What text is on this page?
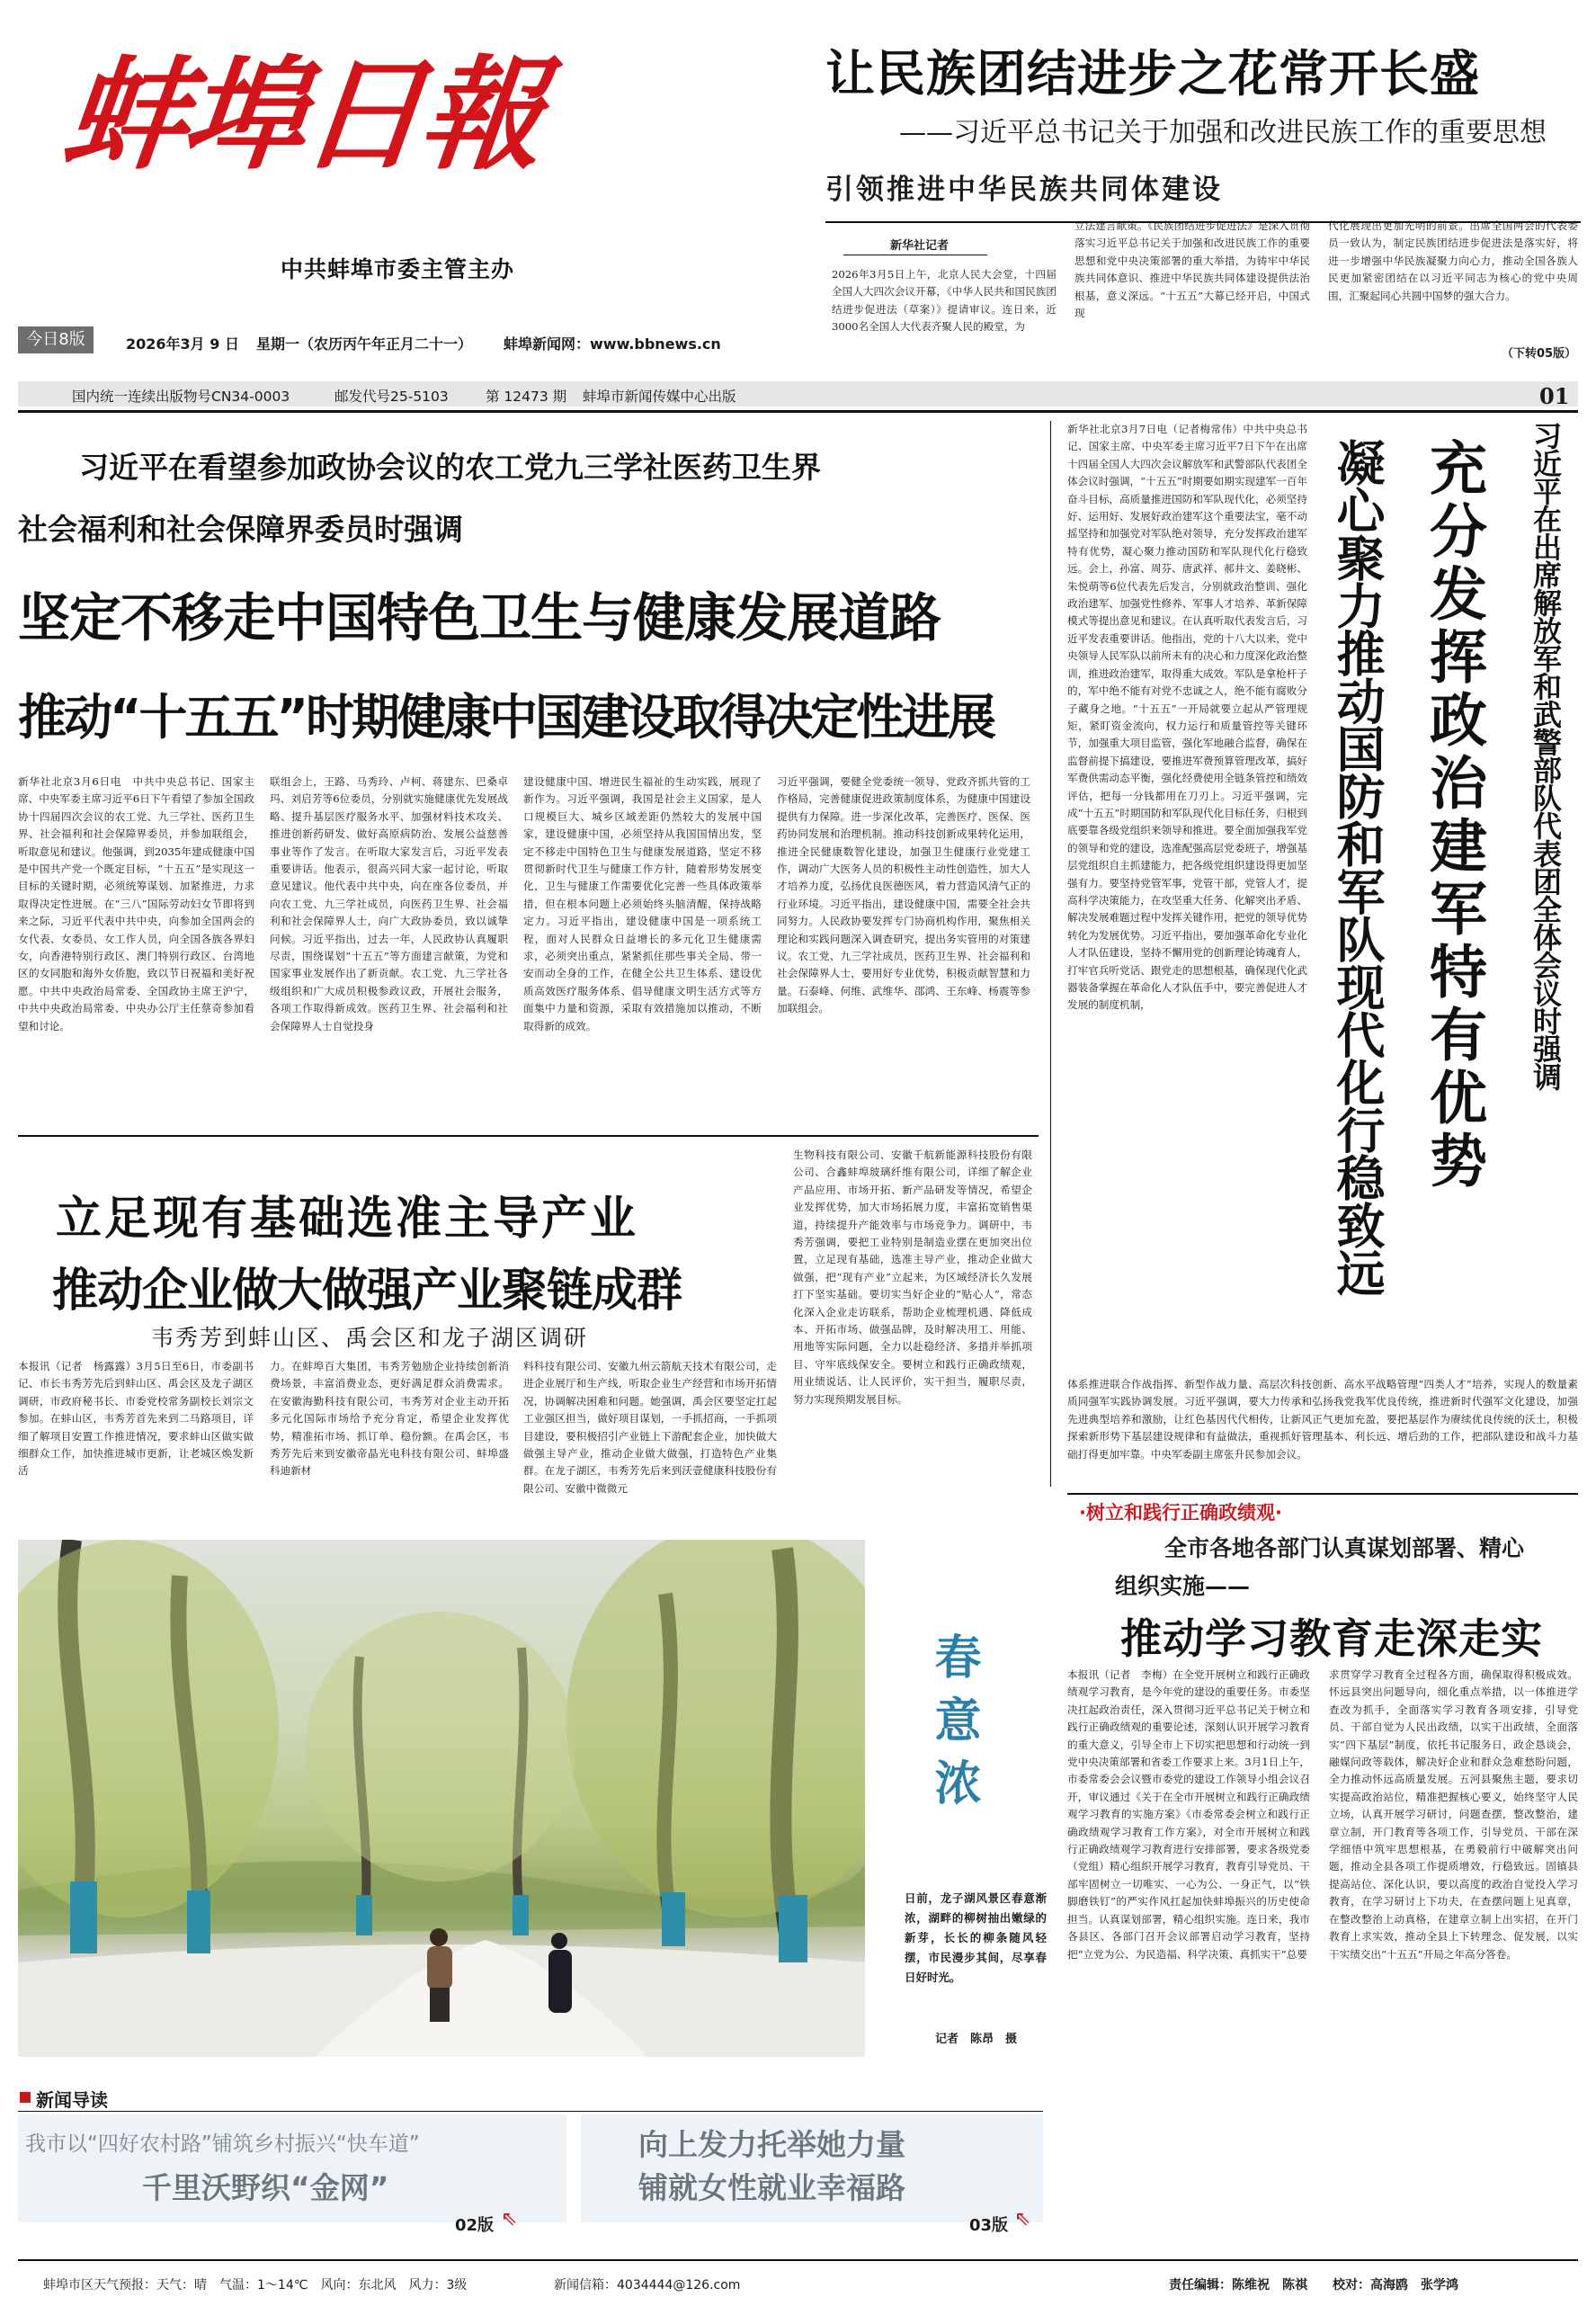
蚌埠日報
中共蚌埠市委主管主办
今日8版	2026年3月 9 日 星期一（农历丙午年正月二十一） 蚌埠新闻网：www.bbnews.cn
国内统一连续出版物号CN34-0003	邮发代号25-5103	第 12473 期 蚌埠市新闻传媒中心出版	01
让民族团结进步之花常开长盛
——习近平总书记关于加强和改进民族工作的重要思想
引领推进中华民族共同体建设
新华社记者
2026年3月5日上午，北京人民大会堂，十四届全国人大四次会议开幕，《中华人民共和国民族团结进步促进法（草案）》提请审议。连日来，近3000名全国人大代表齐聚人民的殿堂，为
立法建言献策。《民族团结进步促进法》是深入贯彻落实习近平总书记关于加强和改进民族工作的重要思想和党中央决策部署的重大举措，为铸牢中华民族共同体意识、推进中华民族共同体建设提供法治根基，意义深远。“十五五”大幕已经开启，中国式现
代化展现出更加光明的前景。出席全国两会的代表委员一致认为，制定民族团结进步促进法是落实好，将进一步增强中华民族凝聚力向心力，推动全国各族人民更加紧密团结在以习近平同志为核心的党中央周围，汇聚起同心共圆中国梦的强大合力。
（下转05版）
习近平在看望参加政协会议的农工党九三学社医药卫生界
社会福利和社会保障界委员时强调
坚定不移走中国特色卫生与健康发展道路
推动“十五五”时期健康中国建设取得决定性进展
新华社北京3月6日电　中共中央总书记、国家主席、中央军委主席习近平6日下午看望了参加全国政协十四届四次会议的农工党、九三学社、医药卫生界、社会福利和社会保障界委员，并参加联组会，听取意见和建议。他强调，到2035年建成健康中国是中国共产党一个既定目标，“十五五”是实现这一目标的关键时期，必须统筹谋划、加紧推进，力求取得决定性进展。在“三八”国际劳动妇女节即将到来之际，习近平代表中共中央，向参加全国两会的女代表、女委员、女工作人员，向全国各族各界妇女，向香港特别行政区、澳门特别行政区、台湾地区的女同胞和海外女侨胞，致以节日祝福和美好祝愿。中共中央政治局常委、全国政协主席王沪宁，中共中央政治局常委、中央办公厅主任蔡奇参加看望和讨论。
联组会上，王路、马秀玲、卢柯、蒋建东、巴桑卓玛、刘启芳等6位委员，分别就实施健康优先发展战略、提升基层医疗服务水平、加强材料技术攻关、推进创新药研发、做好高原病防治、发展公益慈善事业等作了发言。在听取大家发言后，习近平发表重要讲话。他表示，很高兴同大家一起讨论，听取意见建议。他代表中共中央，向在座各位委员，并向农工党、九三学社成员，向医药卫生界、社会福利和社会保障界人士，向广大政协委员，致以诚挚问候。习近平指出，过去一年，人民政协认真履职尽责，围绕谋划“十五五”等方面建言献策，为党和国家事业发展作出了新贡献。农工党、九三学社各级组织和广大成员积极参政议政，开展社会服务，各项工作取得新成效。医药卫生界、社会福利和社会保障界人士自觉投身
建设健康中国、增进民生福祉的生动实践，展现了新作为。习近平强调，我国是社会主义国家，是人口规模巨大、城乡区域差距仍然较大的发展中国家，建设健康中国，必须坚持从我国国情出发，坚定不移走中国特色卫生与健康发展道路，坚定不移贯彻新时代卫生与健康工作方针，随着形势发展变化，卫生与健康工作需要优化完善一些具体政策举措，但在根本问题上必须始终头脑清醒，保持战略定力。习近平指出，建设健康中国是一项系统工程，面对人民群众日益增长的多元化卫生健康需求，必须突出重点，紧紧抓住那些事关全局、带一安而动全身的工作，在健全公共卫生体系、建设优质高效医疗服务体系、倡导健康文明生活方式等方面集中力量和资源，采取有效措施加以推动，不断取得新的成效。
习近平强调，要健全党委统一领导、党政齐抓共管的工作格局，完善健康促进政策制度体系，为健康中国建设提供有力保障。进一步深化改革，完善医疗、医保、医药协同发展和治理机制。推动科技创新成果转化运用，推进全民健康数智化建设，加强卫生健康行业党建工作，调动广大医务人员的积极性主动性创造性，加大人才培养力度，弘扬优良医德医风，着力营造风清气正的行业环境。习近平指出，建设健康中国，需要全社会共同努力。人民政协要发挥专门协商机构作用，聚焦相关理论和实践问题深入调查研究，提出务实管用的对策建议。农工党、九三学社成员，医药卫生界、社会福利和社会保障界人士，要用好专业优势，积极贡献智慧和力量。石泰峰、何维、武维华、邵鸿、王东峰、杨震等参加联组会。	习近平在出席解放军和武警部队代表团全体会议时强调
充分发挥政治建军特有优势
凝心聚力推动国防和军队现代化行稳致远
新华社北京3月7日电（记者梅常伟）中共中央总书记、国家主席、中央军委主席习近平7日下午在出席十四届全国人大四次会议解放军和武警部队代表团全体会议时强调，“十五五”时期要如期实现建军一百年奋斗目标，高质量推进国防和军队现代化，必须坚持好、运用好、发展好政治建军这个重要法宝，毫不动摇坚持和加强党对军队绝对领导，充分发挥政治建军特有优势，凝心聚力推动国防和军队现代化行稳致远。会上，孙富、周芬、唐武祥、郝井文、姜晓彬、朱悦萌等6位代表先后发言，分别就政治整训、强化政治建军、加强党性修养、军事人才培养、革新保障模式等提出意见和建议。在认真听取代表发言后，习近平发表重要讲话。他指出，党的十八大以来，党中央领导人民军队以前所未有的决心和力度深化政治整训，推进政治建军，取得重大成效。军队是拿枪杆子的，军中绝不能有对党不忠诚之人，绝不能有腐败分子藏身之地。“十五五”一开局就要立起从严管理规矩，紧盯资金流向，权力运行和质量管控等关键环节，加强重大项目监管，强化军地融合监督，确保在监督前提下搞建设，要推进军费预算管理改革，搞好军费供需动态平衡，强化经费使用全链条管控和绩效评估，把每一分钱都用在刀刃上。习近平强调，完成“十五五”时期国防和军队现代化目标任务，归根到底要靠各级党组织来领导和推进。要全面加强我军党的领导和党的建设，选准配强高层党委班子，增强基层党组织自主抓建能力，把各级党组织建设得更加坚强有力。要坚持党管军事，党管干部，党管人才，提高科学决策能力，在攻坚重大任务、化解突出矛盾、解决发展难题过程中发挥关键作用，把党的领导优势转化为发展优势。习近平指出，要加强革命化专业化人才队伍建设，坚持不懈用党的创新理论铸魂育人，打牢官兵听党话、跟党走的思想根基，确保现代化武器装备掌握在革命化人才队伍手中，要完善促进人才发展的制度机制，
体系推进联合作战指挥、新型作战力量、高层次科技创新、高水平战略管理“四类人才”培养，实现人的数量素质同强军实践协调发展。习近平强调，要大力传承和弘扬我党我军优良传统，推进新时代强军文化建设，加强先进典型培养和激励，让红色基因代代相传，让新风正气更加充盈，要把基层作为赓续优良传统的沃土，积极探索新形势下基层建设规律和有益做法，重视抓好管理基本、利长远、增后劲的工作，把部队建设和战斗力基础打得更加牢靠。中央军委副主席张升民参加会议。
立足现有基础选准主导产业
推动企业做大做强产业聚链成群
韦秀芳到蚌山区、禹会区和龙子湖区调研
本报讯（记者　杨露露）3月5日至6日，市委副书记、市长韦秀芳先后到蚌山区、禹会区及龙子湖区调研，市政府秘书长、市委党校常务副校长刘宗文参加。在蚌山区，韦秀芳首先来到二马路项目，详细了解项目安置工作推进情况，要求蚌山区做实做细群众工作，加快推进城市更新，让老城区焕发新活
力。在蚌埠百大集团，韦秀芳勉励企业持续创新消费场景，丰富消费业态，更好满足群众消费需求。在安徽海勤科技有限公司，韦秀芳对企业主动开拓多元化国际市场给予充分肯定，希望企业发挥优势，精准拓市场、抓订单、稳份额。在禹会区，韦秀芳先后来到安徽帝晶光电科技有限公司、蚌埠盛科迪新材
料科技有限公司、安徽九州云箭航天技术有限公司，走进企业展厅和生产线，听取企业生产经营和市场开拓情况，协调解决困难和问题。她强调，禹会区要坚定扛起工业强区担当，做好项目谋划，一手抓招商，一手抓项目建设，要积极招引产业链上下游配套企业，加快做大做强主导产业，推动企业做大做强，打造特色产业集群。在龙子湖区，韦秀芳先后来到沃壹健康科技股份有限公司、安徽中微微元
生物科技有限公司、安徽千航新能源科技股份有限公司、合鑫蚌埠玻璃纤维有限公司，详细了解企业产品应用、市场开拓、新产品研发等情况，希望企业发挥优势，加大市场拓展力度，丰富拓宽销售渠道，持续提升产能效率与市场竞争力。调研中，韦秀芳强调，要把工业特别是制造业摆在更加突出位置，立足现有基础，选准主导产业，推动企业做大做强，把“现有产业”立起来，为区域经济长久发展打下坚实基础。要切实当好企业的“贴心人”，常态化深入企业走访联系，帮助企业梳理机遇、降低成本、开拓市场、做强品牌，及时解决用工、用能、用地等实际问题，全力以赴稳经济、多措并举抓项目、守牢底线保安全。要树立和践行正确政绩观，用业绩说话、让人民评价，实干担当，履职尽责，努力实现预期发展目标。
春意浓
日前，龙子湖风景区春意渐浓，湖畔的柳树抽出嫩绿的新芽，长长的柳条随风轻摆，市民漫步其间，尽享春日好时光。
记者　陈昂　摄
·树立和践行正确政绩观·
全市各地各部门认真谋划部署、精心
组织实施——
推动学习教育走深走实
本报讯（记者　李梅）在全党开展树立和践行正确政绩观学习教育，是今年党的建设的重要任务。市委坚决扛起政治责任，深入贯彻习近平总书记关于树立和践行正确政绩观的重要论述，深刻认识开展学习教育的重大意义，引导全市上下切实把思想和行动统一到党中央决策部署和省委工作要求上来。3月1日上午，市委常委会会议暨市委党的建设工作领导小组会议召开，审议通过《关于在全市开展树立和践行正确政绩观学习教育的实施方案》《市委常委会树立和践行正确政绩观学习教育工作方案》，对全市开展树立和践行正确政绩观学习教育进行安排部署，要求各级党委（党组）精心组织开展学习教育，教育引导党员、干部牢固树立一切唯实、一心为公、一身正气，以“铁脚磨铁钉”的严实作风扛起加快蚌埠振兴的历史使命担当。认真谋划部署，精心组织实施。连日来，我市各县区、各部门召开会议部署启动学习教育，坚持把“立党为公、为民造福、科学决策、真抓实干”总要
求贯穿学习教育全过程各方面，确保取得积极成效。怀远县突出问题导向，细化重点举措，以一体推进学查改为抓手，全面落实学习教育各项安排，引导党员、干部自觉为人民出政绩，以实干出政绩，全面落实“四下基层”制度，依托书记服务日，政企恳谈会，融媒问政等载体，解决好企业和群众急难愁盼问题，全力推动怀远高质量发展。五河县聚焦主题，要求切实提高政治站位，精准把握核心要义，始终坚守人民立场，认真开展学习研讨，问题查摆，整改整治，建章立制，开门教育等各项工作，引导党员、干部在深学细悟中筑牢思想根基，在勇毅前行中破解突出问题，推动全县各项工作提质增效，行稳致远。固镇县提高站位、深化认识，要以高度的政治自觉投入学习教育，在学习研讨上下功夫，在查摆问题上见真章，在整改整治上动真格，在建章立制上出实招，在开门教育上求实效，推动全县上下转理念、促发展，以实干实绩交出“十五五”开局之年高分答卷。
新闻导读
我市以“四好农村路”铺筑乡村振兴“快车道”
千里沃野织“金网”
02版 ⇖
向上发力托举她力量
铺就女性就业幸福路
03版 ⇖
蚌埠市区天气预报：天气：晴　气温：1～14℃　风向：东北风　风力：3级	新闻信箱：4034444@126.com	责任编辑：陈维祝　陈祺　　校对：高海鸥　张学鸿
